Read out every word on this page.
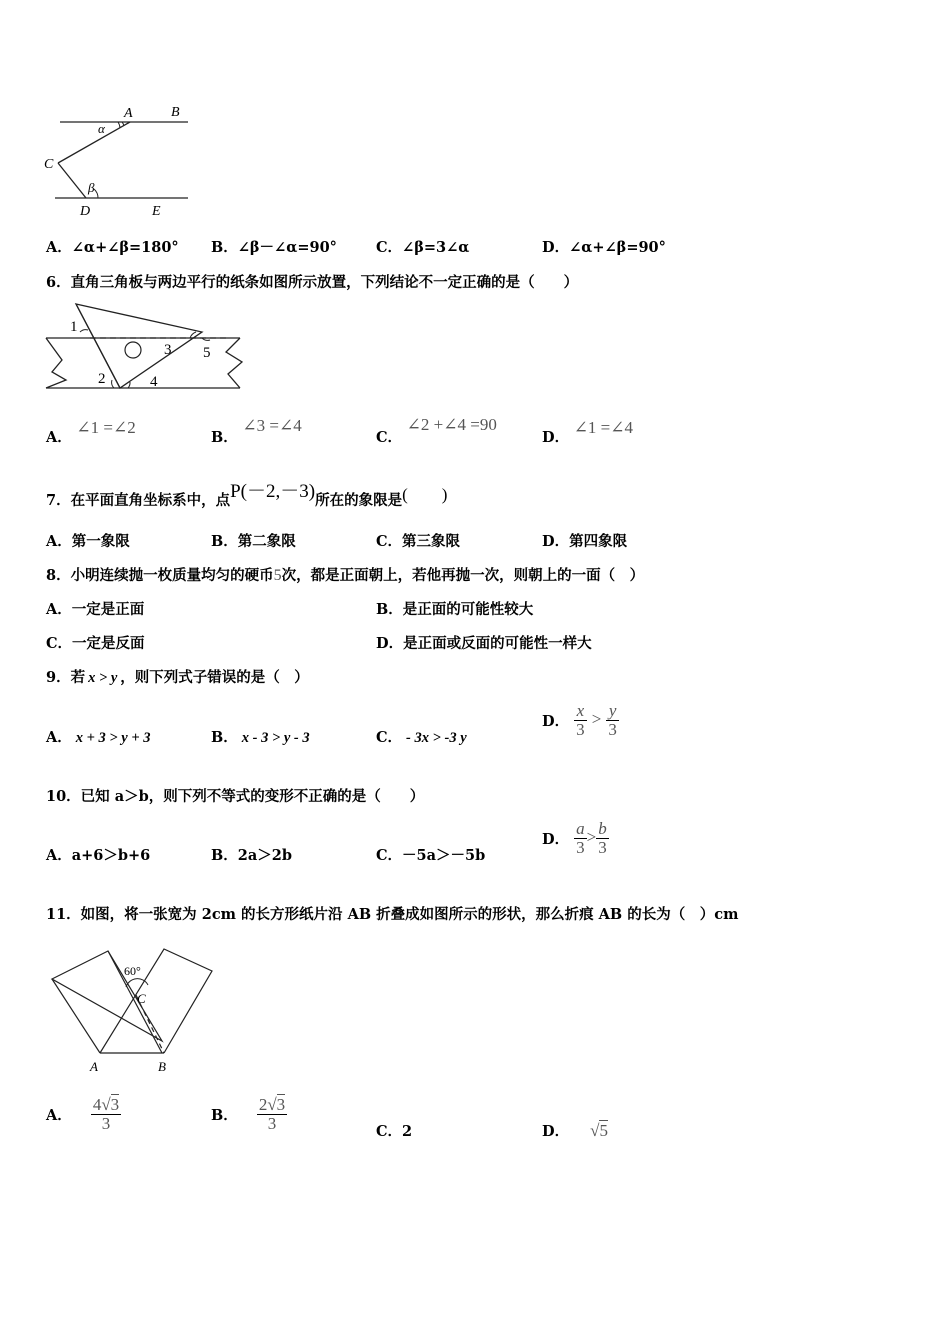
A	B
C
D	E
α
β
A．∠α+∠β=180° B．∠β－∠α=90°	C．∠β=3∠α	D．∠α+∠β=90°
6．直角三角板与两边平行的纸条如图所示放置，下列结论不一定正确的是（　　）
1
2
3
4
5
A． ∠1 =∠2
B． ∠3 =∠4
C． ∠2 +∠4 =90
D． ∠1 =∠4
7．在平面直角坐标系中，点P(－2,－3)所在的象限是(　　)
A．第一象限	B．第二象限	C．第三象限	D．第四象限
8．小明连续抛一枚质量均匀的硬币5次，都是正面朝上，若他再抛一次，则朝上的一面（　）
A．一定是正面	B．是正面的可能性较大
C．一定是反面	D．是正面或反面的可能性一样大
9．若 x > y ，则下列式子错误的是（　）
A． x + 3 > y + 3	B． x - 3 > y - 3	C． - 3x > -3 y
D． $\frac{x}{3} > \frac{y}{3}$
10．已知 a＞b，则下列不等式的变形不正确的是（　　）
A．a+6＞b+6	B．2a＞2b	C．－5a＞－5b
D． $\frac{a}{3} > \frac{b}{3}$
11．如图，将一张宽为 2cm 的长方形纸片沿 AB 折叠成如图所示的形状，那么折痕 AB 的长为（　）cm
60°
C
A	B
A． $\frac{4√3}{3}$	B． $\frac{2√3}{3}$	C．2	D． √5
